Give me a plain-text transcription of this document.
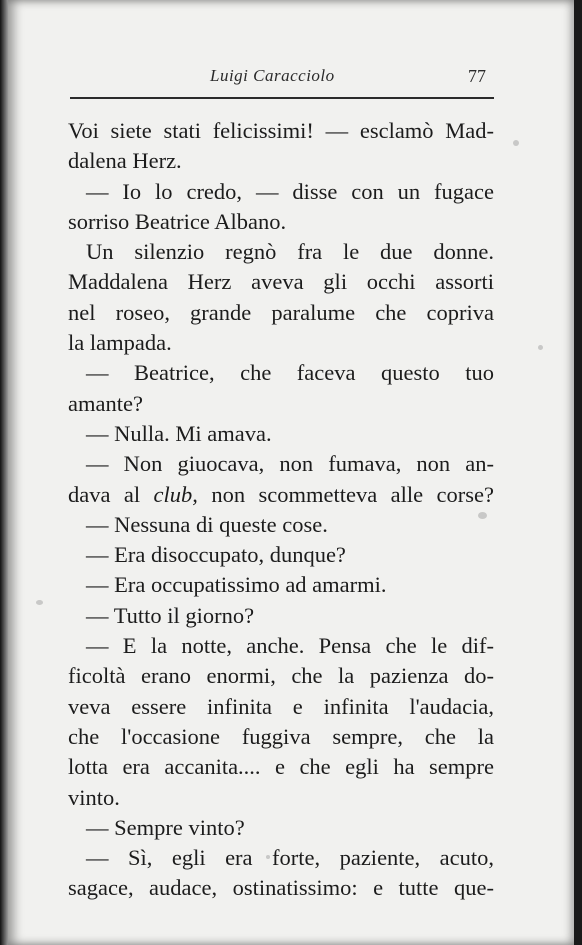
Luigi Caracciolo	77
Voi siete stati felicissimi! — esclamò Mad-
dalena Herz.
— Io lo credo, — disse con un fugace
sorriso Beatrice Albano.
Un silenzio regnò fra le due donne.
Maddalena Herz aveva gli occhi assorti
nel roseo, grande paralume che copriva
la lampada.
— Beatrice, che faceva questo tuo
amante?
— Nulla. Mi amava.
— Non giuocava, non fumava, non an-
dava al club, non scommetteva alle corse?
— Nessuna di queste cose.
— Era disoccupato, dunque?
— Era occupatissimo ad amarmi.
— Tutto il giorno?
— E la notte, anche. Pensa che le dif-
ficoltà erano enormi, che la pazienza do-
veva essere infinita e infinita l'audacia,
che l'occasione fuggiva sempre, che la
lotta era accanita.... e che egli ha sempre
vinto.
— Sempre vinto?
— Sì, egli era forte, paziente, acuto,
sagace, audace, ostinatissimo: e tutte que-
